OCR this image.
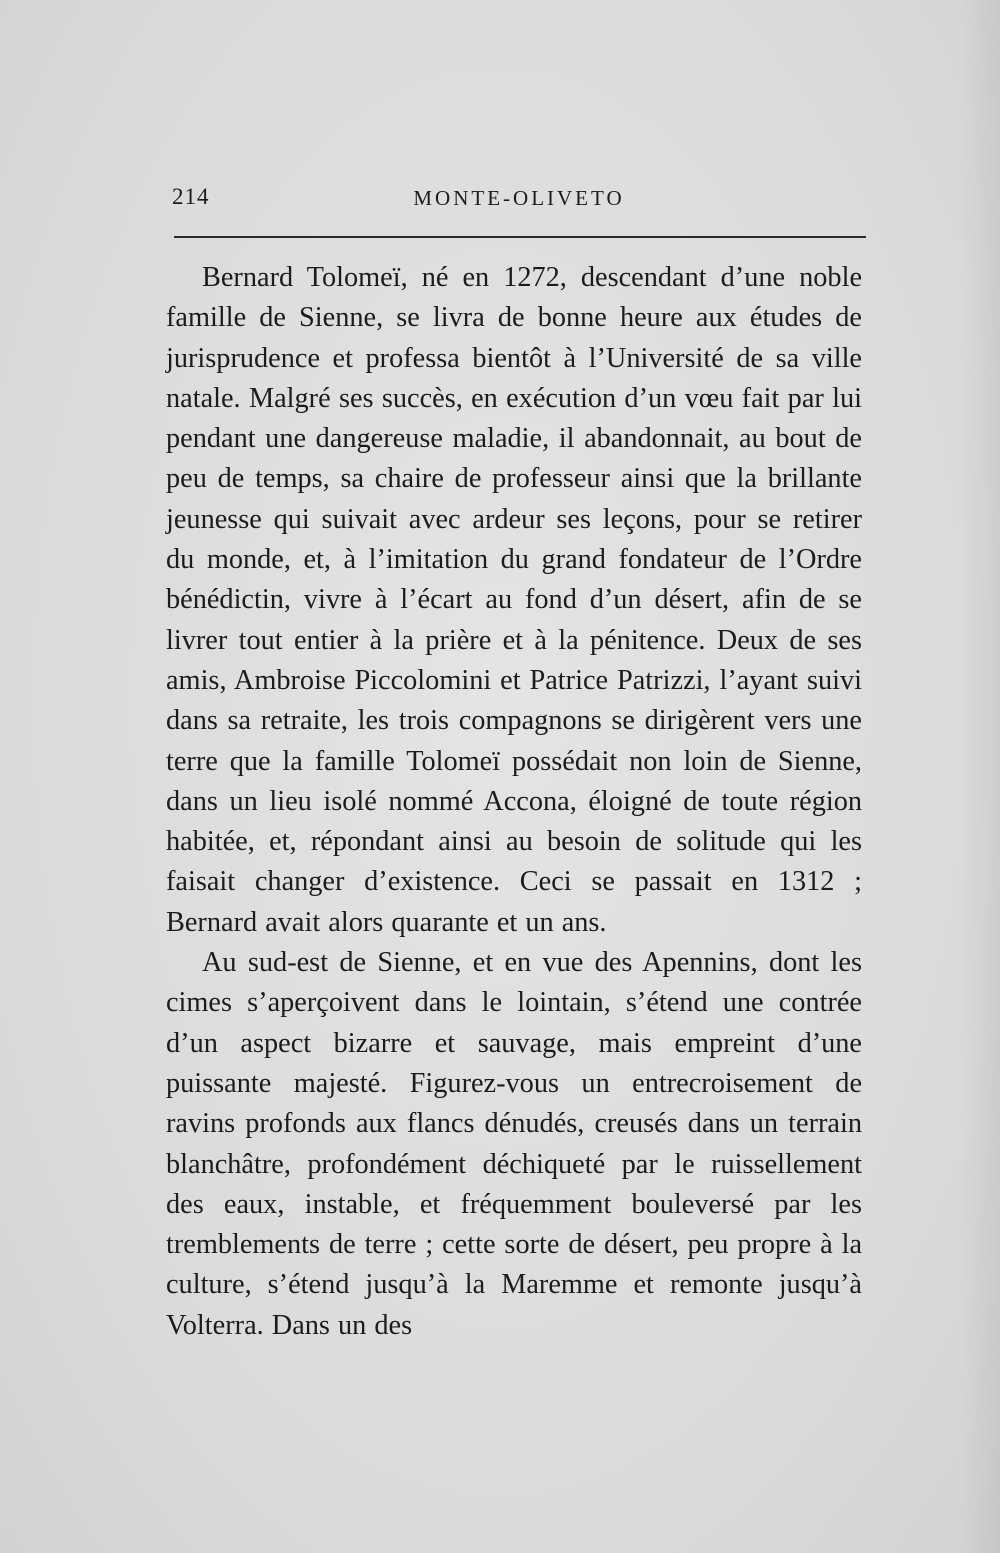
214	MONTE-OLIVETO

Bernard Tolomeï, né en 1272, descendant d’une noble famille de Sienne, se livra de bonne heure aux études de jurisprudence et professa bientôt à l’Université de sa ville natale. Malgré ses succès, en exécution d’un vœu fait par lui pendant une dangereuse maladie, il abandonnait, au bout de peu de temps, sa chaire de professeur ainsi que la brillante jeunesse qui suivait avec ardeur ses leçons, pour se retirer du monde, et, à l’imitation du grand fondateur de l’Ordre bénédictin, vivre à l’écart au fond d’un désert, afin de se livrer tout entier à la prière et à la pénitence. Deux de ses amis, Ambroise Piccolomini et Patrice Patrizzi, l’ayant suivi dans sa retraite, les trois compagnons se dirigèrent vers une terre que la famille Tolomeï possédait non loin de Sienne, dans un lieu isolé nommé Accona, éloigné de toute région habitée, et, répondant ainsi au besoin de solitude qui les faisait changer d’existence. Ceci se passait en 1312 ; Bernard avait alors quarante et un ans.

Au sud-est de Sienne, et en vue des Apennins, dont les cimes s’aperçoivent dans le lointain, s’étend une contrée d’un aspect bizarre et sauvage, mais empreint d’une puissante majesté. Figurez-vous un entrecroisement de ravins profonds aux flancs dénudés, creusés dans un terrain blanchâtre, profondément déchiqueté par le ruissellement des eaux, instable, et fréquemment bouleversé par les tremblements de terre ; cette sorte de désert, peu propre à la culture, s’étend jusqu’à la Maremme et remonte jusqu’à Volterra. Dans un des
